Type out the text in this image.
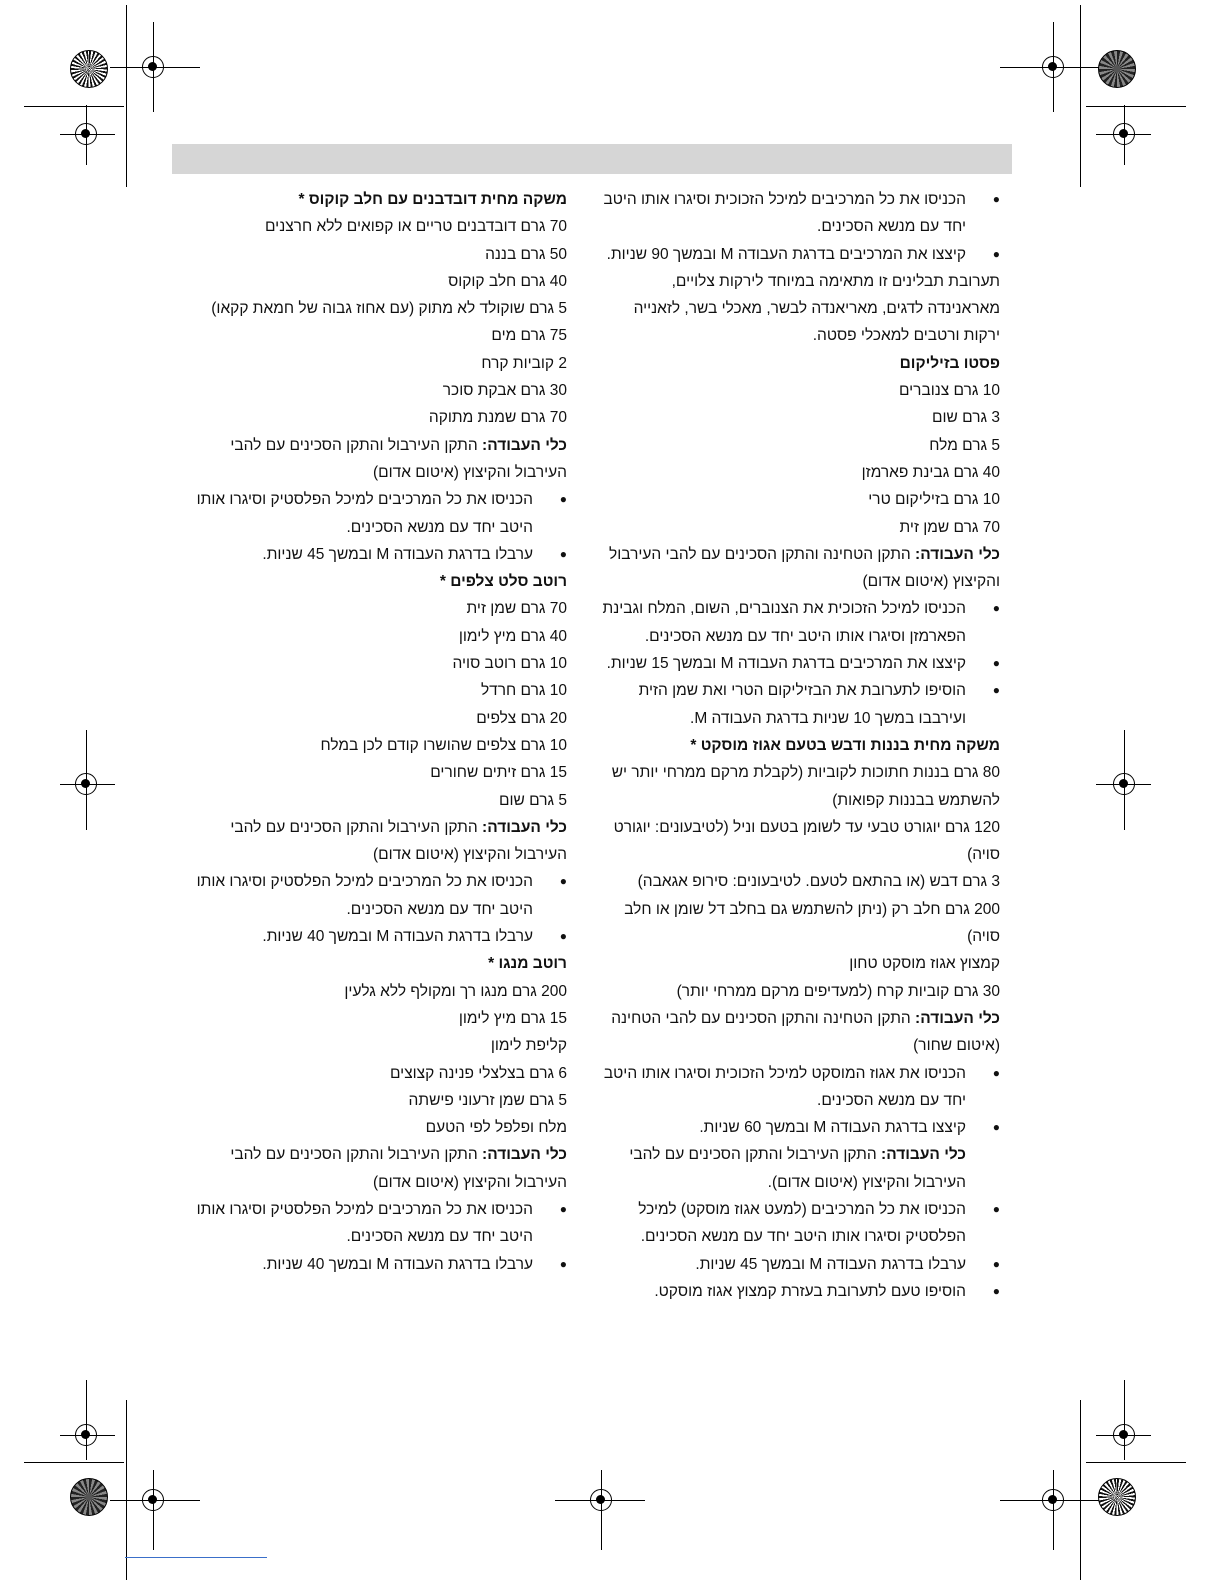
● הכניסו את כל המרכיבים למיכל הזכוכית וסיגרו אותו היטב יחד עם מנשא הסכינים.

● קיצצו את המרכיבים בדרגת העבודה M ובמשך 90 שניות.

תערובת תבלינים זו מתאימה במיוחד לירקות צלויים, מאראנינדה לדגים, מאריאנדה לבשר, מאכלי בשר, לזאנייה ירקות ורטבים למאכלי פסטה.

פסטו בזיליקום

10 גרם צנוברים

3 גרם שום

5 גרם מלח

40 גרם גבינת פארמזן

10 גרם בזיליקום טרי

70 גרם שמן זית

כלי העבודה: התקן הטחינה והתקן הסכינים עם להבי העירבול והקיצוץ (איטום אדום)

● הכניסו למיכל הזכוכית את הצנוברים, השום, המלח וגבינת הפארמזן וסיגרו אותו היטב יחד עם מנשא הסכינים.

● קיצצו את המרכיבים בדרגת העבודה M ובמשך 15 שניות.

● הוסיפו לתערובת את הבזיליקום הטרי ואת שמן הזית ועירבבו במשך 10 שניות בדרגת העבודה M.

משקה מחית בננות ודבש בטעם אגוז מוסקט *

80 גרם בננות חתוכות לקוביות (לקבלת מרקם ממרחי יותר יש להשתמש בבננות קפואות)

120 גרם יוגורט טבעי עד לשומן בטעם וניל (לטיבעונים: יוגורט סויה)

3 גרם דבש (או בהתאם לטעם. לטיבעונים: סירופ אגאבה)

200 גרם חלב רק (ניתן להשתמש גם בחלב דל שומן או חלב סויה)

קמצוץ אגוז מוסקט טחון

30 גרם קוביות קרח (למעדיפים מרקם ממרחי יותר)

כלי העבודה: התקן הטחינה והתקן הסכינים עם להבי הטחינה (איטום שחור)

● הכניסו את אגוז המוסקט למיכל הזכוכית וסיגרו אותו היטב יחד עם מנשא הסכינים.

● קיצצו בדרגת העבודה M ובמשך 60 שניות.
כלי העבודה: התקן העירבול והתקן הסכינים עם להבי העירבול והקיצוץ (איטום אדום).

● הכניסו את כל המרכיבים (למעט אגוז מוסקט) למיכל הפלסטיק וסיגרו אותו היטב יחד עם מנשא הסכינים.

● ערבלו בדרגת העבודה M ובמשך 45 שניות.

● הוסיפו טעם לתערובת בעזרת קמצוץ אגוז מוסקט.

משקה מחית דובדבנים עם חלב קוקוס *

70 גרם דובדבנים טריים או קפואים ללא חרצנים

50 גרם בננה

40 גרם חלב קוקוס

5 גרם שוקולד לא מתוק (עם אחוז גבוה של חמאת קקאו)

75 גרם מים

2 קוביות קרח

30 גרם אבקת סוכר

70 גרם שמנת מתוקה

כלי העבודה: התקן העירבול והתקן הסכינים עם להבי העירבול והקיצוץ (איטום אדום)

● הכניסו את כל המרכיבים למיכל הפלסטיק וסיגרו אותו היטב יחד עם מנשא הסכינים.

● ערבלו בדרגת העבודה M ובמשך 45 שניות.

רוטב סלט צלפים *

70 גרם שמן זית

40 גרם מיץ לימון

10 גרם רוטב סויה

10 גרם חרדל

20 גרם צלפים

10 גרם צלפים שהושרו קודם לכן במלח

15 גרם זיתים שחורים

5 גרם שום

כלי העבודה: התקן העירבול והתקן הסכינים עם להבי העירבול והקיצוץ (איטום אדום)

● הכניסו את כל המרכיבים למיכל הפלסטיק וסיגרו אותו היטב יחד עם מנשא הסכינים.

● ערבלו בדרגת העבודה M ובמשך 40 שניות.

רוטב מנגו *

200 גרם מנגו רך ומקולף ללא גלעין

15 גרם מיץ לימון

קליפת לימון

6 גרם בצלצלי פנינה קצוצים

5 גרם שמן זרעוני פישתה

מלח ופלפל לפי הטעם

כלי העבודה: התקן העירבול והתקן הסכינים עם להבי העירבול והקיצוץ (איטום אדום)

● הכניסו את כל המרכיבים למיכל הפלסטיק וסיגרו אותו היטב יחד עם מנשא הסכינים.

● ערבלו בדרגת העבודה M ובמשך 40 שניות.
